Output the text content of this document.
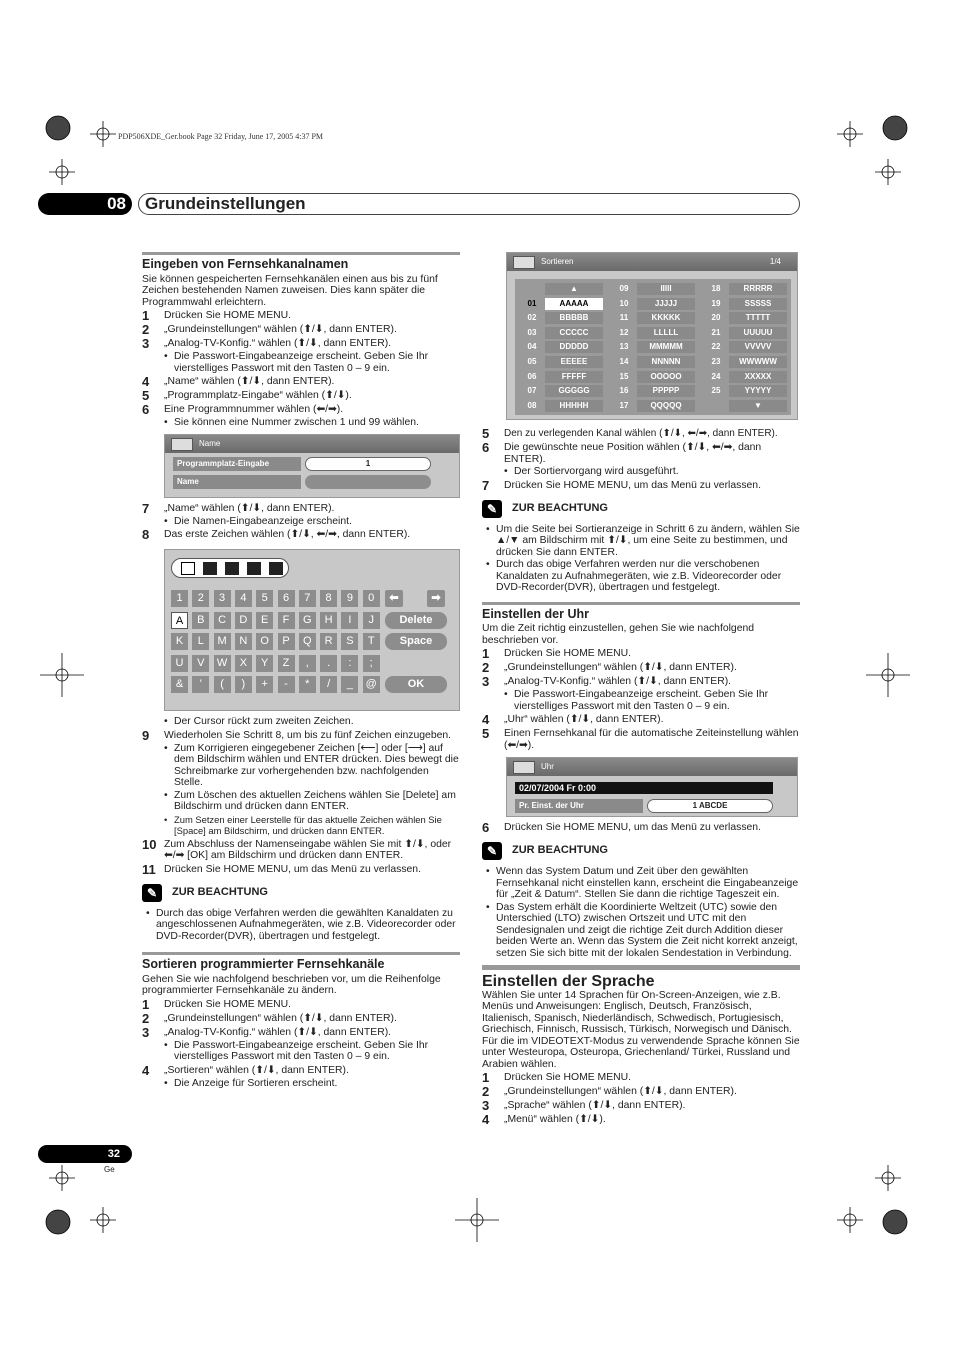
PDP506XDE_Ger.book Page 32 Friday, June 17, 2005 4:37 PM
08	Grundeinstellungen
Eingeben von Fernsehkanalnamen
Sie können gespeicherten Fernsehkanälen einen aus bis zu fünf Zeichen bestehenden Namen zuweisen. Dies kann später die Programmwahl erleichtern.
1	Drücken Sie HOME MENU.
2	„Grundeinstellungen“ wählen (⬆/⬇, dann ENTER).
3	„Analog-TV-Konfig.“ wählen (⬆/⬇, dann ENTER).
• Die Passwort-Eingabeanzeige erscheint. Geben Sie Ihr vierstelliges Passwort mit den Tasten 0 – 9 ein.
4	„Name“ wählen (⬆/⬇, dann ENTER).
5	„Programmplatz-Eingabe“ wählen (⬆/⬇).
6	Eine Programmnummer wählen (⬅/➡).
• Sie können eine Nummer zwischen 1 und 99 wählen.
Name
Programmplatz-Eingabe	1
Name
7	„Name“ wählen (⬆/⬇, dann ENTER).
• Die Namen-Eingabeanzeige erscheint.
8	Das erste Zeichen wählen (⬆/⬇, ⬅/➡, dann ENTER).
⬅	➡
Delete
Space
OK
1	2	3	4	5	6	7	8	9	0
A	B	C	D	E	F	G	H	I	J
K	L	M	N	O	P	Q	R	S	T
U	V	W	X	Y	Z	,	.	:	;
&	'	(	)	+	-	*	/	_	@
• Der Cursor rückt zum zweiten Zeichen.
9	Wiederholen Sie Schritt 8, um bis zu fünf Zeichen einzugeben.
• Zum Korrigieren eingegebener Zeichen [⟵] oder [⟶] auf dem Bildschirm wählen und ENTER drücken. Dies bewegt die Schreibmarke zur vorhergehenden bzw. nachfolgenden Stelle.
• Zum Löschen des aktuellen Zeichens wählen Sie [Delete] am Bildschirm und drücken dann ENTER.
• Zum Setzen einer Leerstelle für das aktuelle Zeichen wählen Sie [Space] am Bildschirm, und drücken dann ENTER.
10 Zum Abschluss der Namenseingabe wählen Sie mit ⬆/⬇, oder ⬅/➡ [OK] am Bildschirm und drücken dann ENTER.
11 Drücken Sie HOME MENU, um das Menü zu verlassen.
✎	ZUR BEACHTUNG
• Durch das obige Verfahren werden die gewählten Kanaldaten zu angeschlossenen Aufnahmegeräten, wie z.B. Videorecorder oder DVD-Recorder(DVR), übertragen und festgelegt.
Sortieren programmierter Fernsehkanäle
Gehen Sie wie nachfolgend beschrieben vor, um die Reihenfolge programmierter Fernsehkanäle zu ändern.
1	Drücken Sie HOME MENU.
2	„Grundeinstellungen“ wählen (⬆/⬇, dann ENTER).
3	„Analog-TV-Konfig.“ wählen (⬆/⬇, dann ENTER).
• Die Passwort-Eingabeanzeige erscheint. Geben Sie Ihr vierstelliges Passwort mit den Tasten 0 – 9 ein.
4	„Sortieren“ wählen (⬆/⬇, dann ENTER).
• Die Anzeige für Sortieren erscheint.
Sortieren	1/4
▲
01	AAAAA
02	BBBBB
03	CCCCC
04	DDDDD
05	EEEEE
06	FFFFF
07	GGGGG
08	HHHHH
09	IIIII
10	JJJJJ
11	KKKKK
12	LLLLL
13	MMMMM
14	NNNNN
15	OOOOO
16	PPPPP
17	QQQQQ
18	RRRRR
19	SSSSS
20	TTTTT
21	UUUUU
22	VVVVV
23	WWWWW
24	XXXXX
25	YYYYY
▼
5	Den zu verlegenden Kanal wählen (⬆/⬇, ⬅/➡, dann ENTER).
6	Die gewünschte neue Position wählen (⬆/⬇, ⬅/➡, dann ENTER).
• Der Sortiervorgang wird ausgeführt.
7	Drücken Sie HOME MENU, um das Menü zu verlassen.
✎	ZUR BEACHTUNG
• Um die Seite bei Sortieranzeige in Schritt 6 zu ändern, wählen Sie ▲/▼ am Bildschirm mit ⬆/⬇, um eine Seite zu bestimmen, und drücken Sie dann ENTER.
• Durch das obige Verfahren werden nur die verschobenen Kanaldaten zu Aufnahmegeräten, wie z.B. Videorecorder oder DVD-Recorder(DVR), übertragen und festgelegt.
Einstellen der Uhr
Um die Zeit richtig einzustellen, gehen Sie wie nachfolgend beschrieben vor.
1	Drücken Sie HOME MENU.
2	„Grundeinstellungen“ wählen (⬆/⬇, dann ENTER).
3	„Analog-TV-Konfig.“ wählen (⬆/⬇, dann ENTER).
• Die Passwort-Eingabeanzeige erscheint. Geben Sie Ihr vierstelliges Passwort mit den Tasten 0 – 9 ein.
4	„Uhr“ wählen (⬆/⬇, dann ENTER).
5	Einen Fernsehkanal für die automatische Zeiteinstellung wählen (⬅/➡).
Uhr
02/07/2004 Fr 0:00
Pr. Einst. der Uhr	1 ABCDE
6	Drücken Sie HOME MENU, um das Menü zu verlassen.
✎	ZUR BEACHTUNG
• Wenn das System Datum und Zeit über den gewählten Fernsehkanal nicht einstellen kann, erscheint die Eingabeanzeige für „Zeit & Datum“. Stellen Sie dann die richtige Tageszeit ein.
• Das System erhält die Koordinierte Weltzeit (UTC) sowie den Unterschied (LTO) zwischen Ortszeit und UTC mit den Sendesignalen und zeigt die richtige Zeit durch Addition dieser beiden Werte an. Wenn das System die Zeit nicht korrekt anzeigt, setzen Sie sich bitte mit der lokalen Sendestation in Verbindung.
Einstellen der Sprache
Wählen Sie unter 14 Sprachen für On-Screen-Anzeigen, wie z.B. Menüs und Anweisungen: Englisch, Deutsch, Französisch, Italienisch, Spanisch, Niederländisch, Schwedisch, Portugiesisch, Griechisch, Finnisch, Russisch, Türkisch, Norwegisch und Dänisch.
Für die im VIDEOTEXT-Modus zu verwendende Sprache können Sie unter Westeuropa, Osteuropa, Griechenland/ Türkei, Russland und Arabien wählen.
1	Drücken Sie HOME MENU.
2	„Grundeinstellungen“ wählen (⬆/⬇, dann ENTER).
3	„Sprache“ wählen (⬆/⬇, dann ENTER).
4	„Menü“ wählen (⬆/⬇).
32
Ge
